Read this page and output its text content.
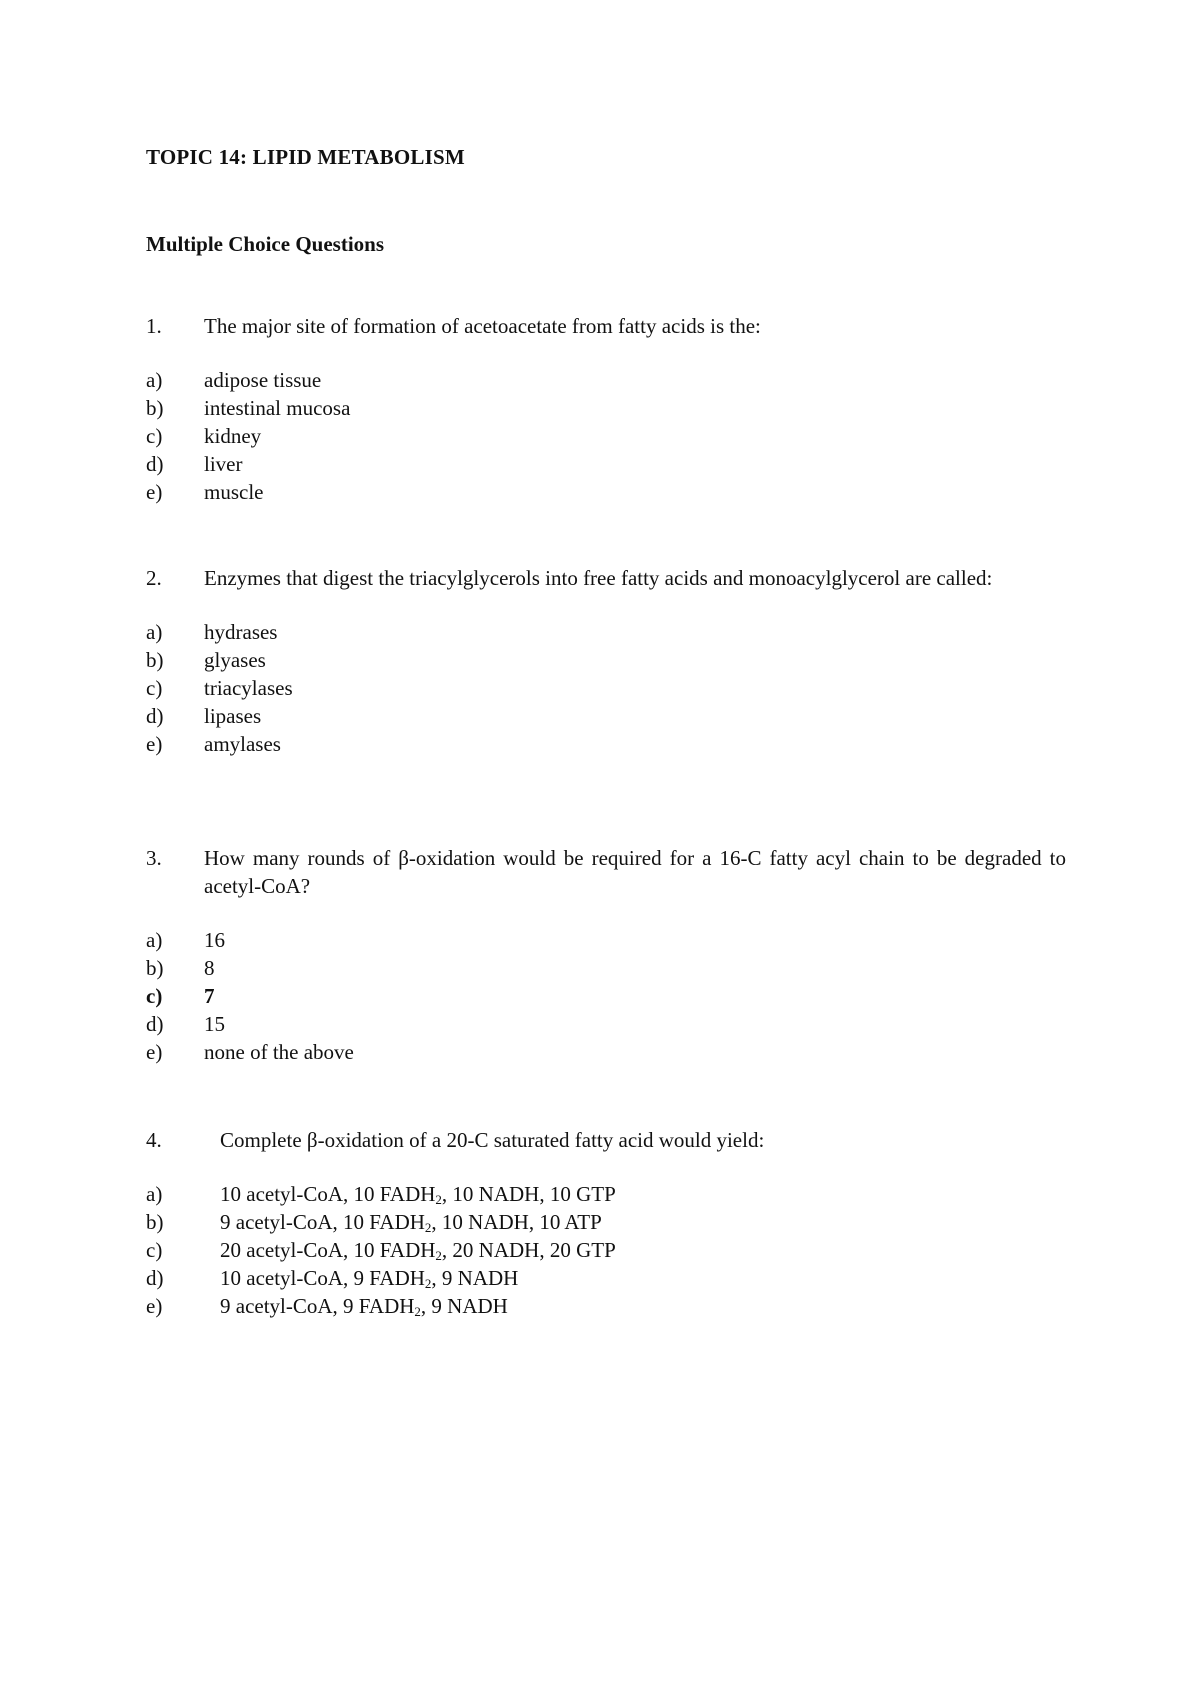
TOPIC 14: LIPID METABOLISM
Multiple Choice Questions
1.	The major site of formation of acetoacetate from fatty acids is the:
a)	adipose tissue
b)	intestinal mucosa
c)	kidney
d)	liver
e)	muscle
2.	Enzymes that digest the triacylglycerols into free fatty acids and monoacylglycerol are called:
a)	hydrases
b)	glyases
c)	triacylases
d)	lipases
e)	amylases
3.	How many rounds of β-oxidation would be required for a 16-C fatty acyl chain to be degraded to acetyl-CoA?
a)	16
b)	8
c)	7
d)	15
e)	none of the above
4.	Complete β-oxidation of a 20-C saturated fatty acid would yield:
a)	10 acetyl-CoA, 10 $FADH_2$, 10 NADH, 10 GTP
b)	9 acetyl-CoA, 10 $FADH_2$, 10 NADH, 10 ATP
c)	20 acetyl-CoA, 10 $FADH_2$, 20 NADH, 20 GTP
d)	10 acetyl-CoA, 9 $FADH_2$, 9 NADH
e)	9 acetyl-CoA, 9 $FADH_2$, 9 NADH
